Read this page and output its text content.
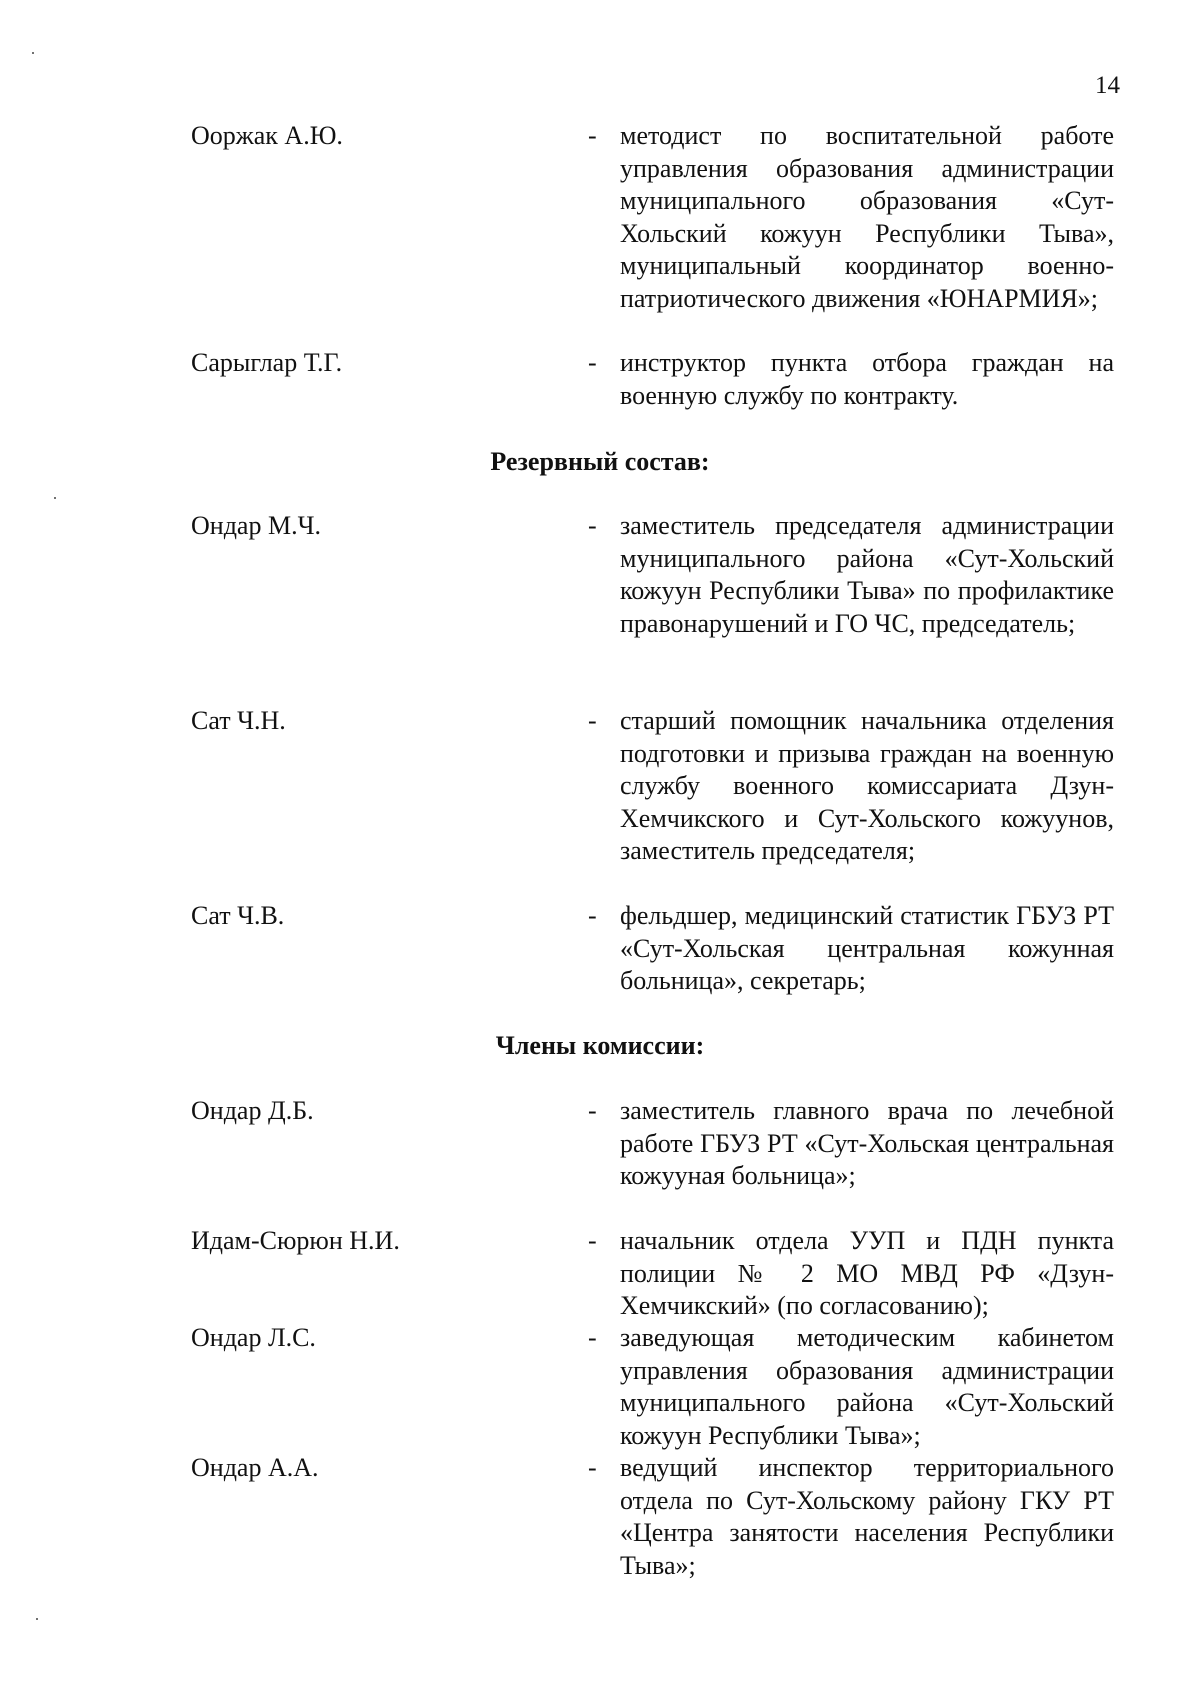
14
Ооржак А.Ю.	- методист по воспитательной работе управления образования администрации муниципального образования «Сут-Хольский кожуун Республики Тыва», муниципальный координатор военно-патриотического движения «ЮНАРМИЯ»;
Сарыглар Т.Г.	- инструктор пункта отбора граждан на военную службу по контракту.
Резервный состав:
Ондар М.Ч.	- заместитель председателя администрации муниципального района «Сут-Хольский кожуун Республики Тыва» по профилактике правонарушений и ГО ЧС, председатель;
Сат Ч.Н.	- старший помощник начальника отделения подготовки и призыва граждан на военную службу военного комиссариата Дзун-Хемчикского и Сут-Хольского кожуунов, заместитель председателя;
Сат Ч.В.	- фельдшер, медицинский статистик ГБУЗ РТ «Сут-Хольская центральная кожунная больница», секретарь;
Члены комиссии:
Ондар Д.Б.	- заместитель главного врача по лечебной работе ГБУЗ РТ «Сут-Хольская центральная кожууная больница»;
Идам-Сюрюн Н.И.	- начальник отдела УУП и ПДН пункта полиции № 2 МО МВД РФ «Дзун-Хемчикский» (по согласованию);
Ондар Л.С.	- заведующая методическим кабинетом управления образования администрации муниципального района «Сут-Хольский кожуун Республики Тыва»;
Ондар А.А.	- ведущий инспектор территориального отдела по Сут-Хольскому району ГКУ РТ «Центра занятости населения Республики Тыва»;
